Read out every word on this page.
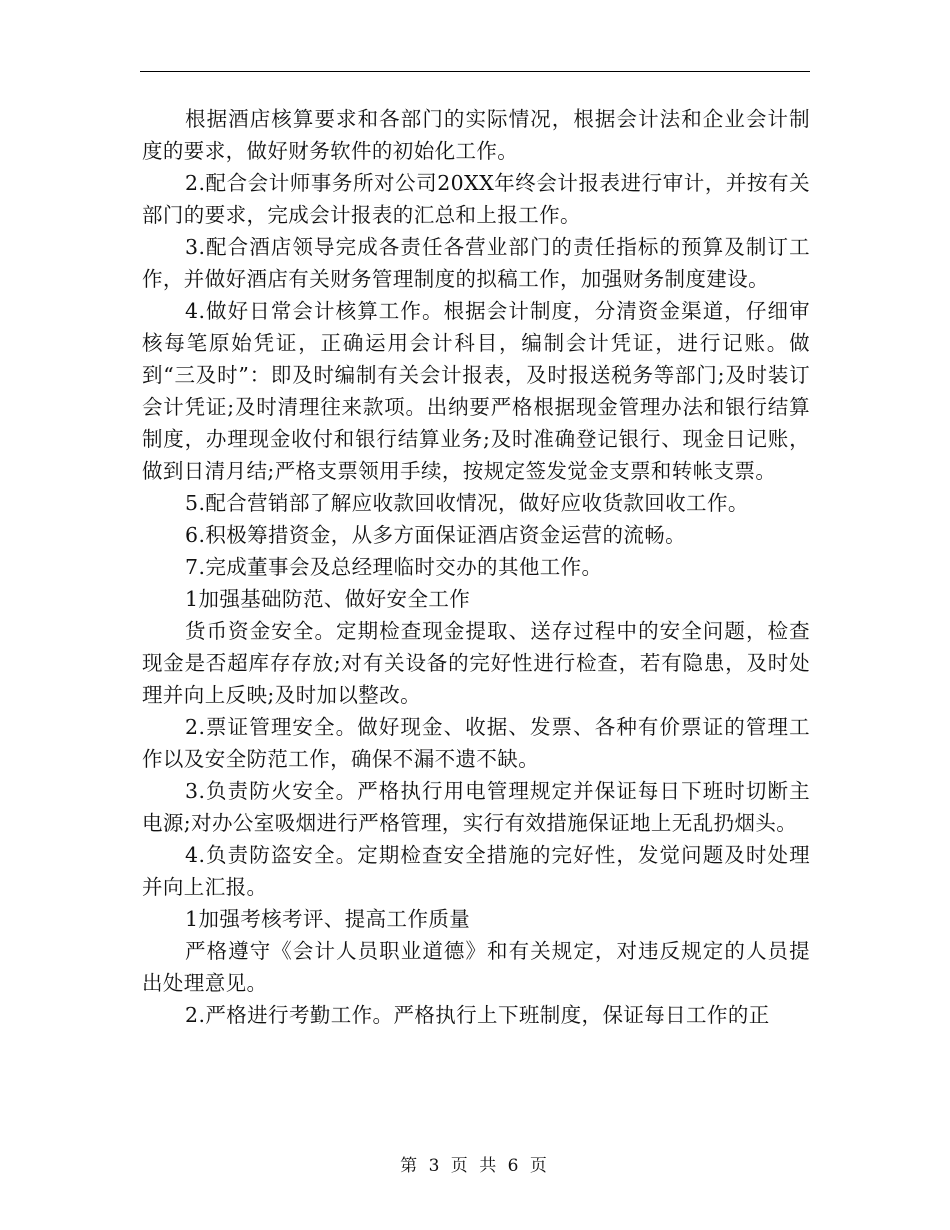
根据酒店核算要求和各部门的实际情况，根据会计法和企业会计制度的要求，做好财务软件的初始化工作。

2.配合会计师事务所对公司20XX年终会计报表进行审计，并按有关部门的要求，完成会计报表的汇总和上报工作。

3.配合酒店领导完成各责任各营业部门的责任指标的预算及制订工作，并做好酒店有关财务管理制度的拟稿工作，加强财务制度建设。

4.做好日常会计核算工作。根据会计制度，分清资金渠道，仔细审核每笔原始凭证，正确运用会计科目，编制会计凭证，进行记账。做到“三及时”：即及时编制有关会计报表，及时报送税务等部门;及时装订会计凭证;及时清理往来款项。出纳要严格根据现金管理办法和银行结算制度，办理现金收付和银行结算业务;及时准确登记银行、现金日记账，做到日清月结;严格支票领用手续，按规定签发觉金支票和转帐支票。

5.配合营销部了解应收款回收情况，做好应收货款回收工作。

6.积极筹措资金，从多方面保证酒店资金运营的流畅。

7.完成董事会及总经理临时交办的其他工作。

1加强基础防范、做好安全工作

货币资金安全。定期检查现金提取、送存过程中的安全问题，检查现金是否超库存存放;对有关设备的完好性进行检查，若有隐患，及时处理并向上反映;及时加以整改。

2.票证管理安全。做好现金、收据、发票、各种有价票证的管理工作以及安全防范工作，确保不漏不遗不缺。

3.负责防火安全。严格执行用电管理规定并保证每日下班时切断主电源;对办公室吸烟进行严格管理，实行有效措施保证地上无乱扔烟头。

4.负责防盗安全。定期检查安全措施的完好性，发觉问题及时处理并向上汇报。

1加强考核考评、提高工作质量

严格遵守《会计人员职业道德》和有关规定，对违反规定的人员提出处理意见。

2.严格进行考勤工作。严格执行上下班制度，保证每日工作的正

第 3 页 共 6 页
